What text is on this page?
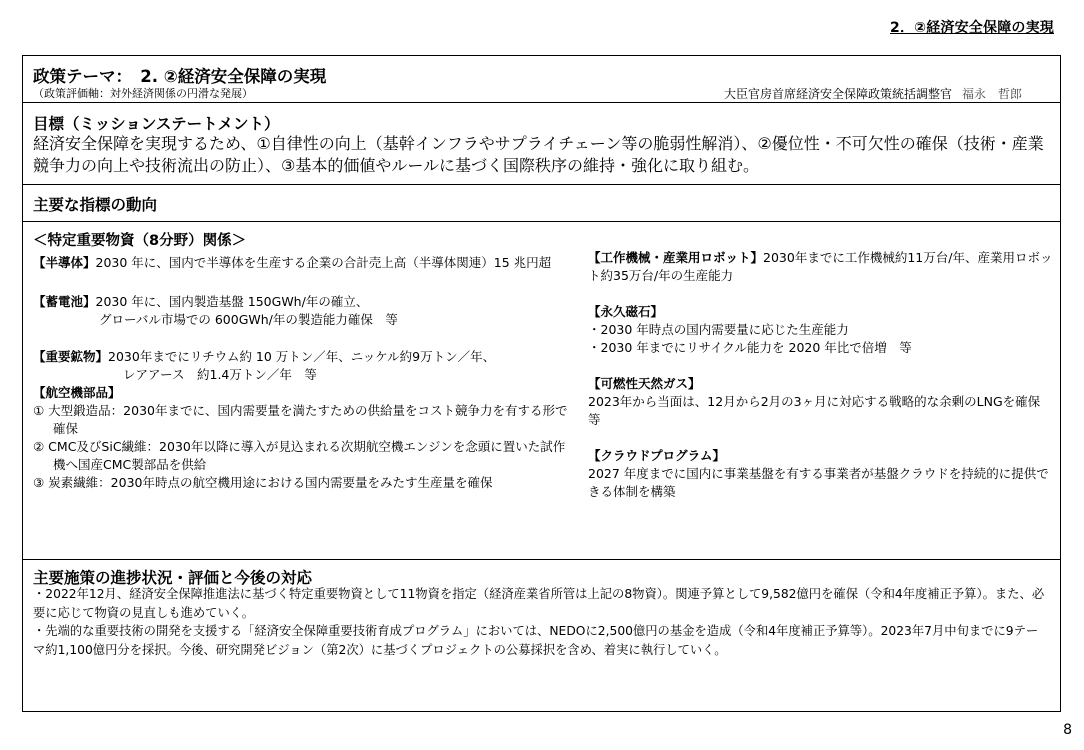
2．②経済安全保障の実現
政策テーマ：　2. ②経済安全保障の実現
（政策評価軸：対外経済関係の円滑な発展）	大臣官房首席経済安全保障政策統括調整官 福永　哲郎
目標（ミッションステートメント）
経済安全保障を実現するため、①自律性の向上（基幹インフラやサプライチェーン等の脆弱性解消）、②優位性・不可欠性の確保（技術・産業競争力の向上や技術流出の防止）、③基本的価値やルールに基づく国際秩序の維持・強化に取り組む。
主要な指標の動向
＜特定重要物資（8分野）関係＞
【半導体】2030 年に、国内で半導体を生産する企業の合計売上高（半導体関連）15 兆円超
【蓄電池】2030 年に、国内製造基盤 150GWh/年の確立、
グローバル市場での 600GWh/年の製造能力確保　等
【重要鉱物】2030年までにリチウム約 10 万トン／年、ニッケル約9万トン／年、
レアアース　約1.4万トン／年　等
【航空機部品】
① 大型鍛造品：2030年までに、国内需要量を満たすための供給量をコスト競争力を有する形で確保
② CMC及びSiC繊維：2030年以降に導入が見込まれる次期航空機エンジンを念頭に置いた試作機へ国産CMC製部品を供給
③ 炭素繊維：2030年時点の航空機用途における国内需要量をみたす生産量を確保
【工作機械・産業用ロボット】2030年までに工作機械約11万台/年、産業用ロボット約35万台/年の生産能力
【永久磁石】
・2030 年時点の国内需要量に応じた生産能力
・2030 年までにリサイクル能力を 2020 年比で倍増　等
【可燃性天然ガス】
2023年から当面は、12月から2月の3ヶ月に対応する戦略的な余剰のLNGを確保　等
【クラウドプログラム】
2027 年度までに国内に事業基盤を有する事業者が基盤クラウドを持続的に提供できる体制を構築
主要施策の進捗状況・評価と今後の対応
・2022年12月、経済安全保障推進法に基づく特定重要物資として11物資を指定（経済産業省所管は上記の8物資）。関連予算として9,582億円を確保（令和4年度補正予算）。また、必要に応じて物資の見直しも進めていく。
・先端的な重要技術の開発を支援する「経済安全保障重要技術育成プログラム」においては、NEDOに2,500億円の基金を造成（令和4年度補正予算等）。2023年7月中旬までに9テーマ約1,100億円分を採択。今後、研究開発ビジョン（第2次）に基づくプロジェクトの公募採択を含め、着実に執行していく。
8
